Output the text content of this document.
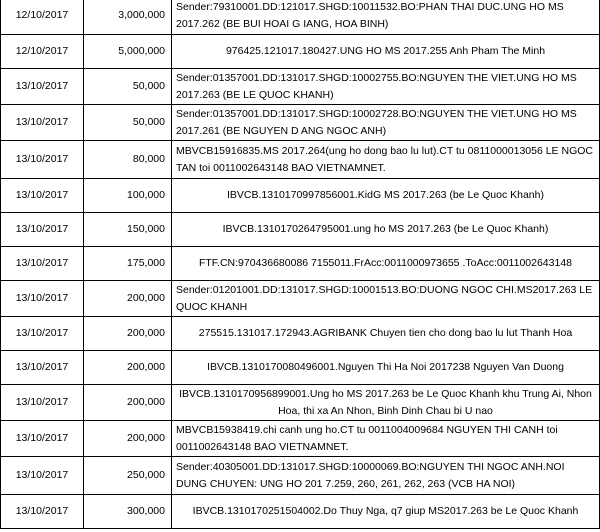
12/10/2017	3,000,000	Sender:79310001.DD:121017.SHGD:10011532.BO:PHAN THAI DUC.UNG HO MS 2017.262 (BE BUI HOAI G IANG, HOA BINH)
12/10/2017	5,000,000	976425.121017.180427.UNG HO MS 2017.255 Anh Pham The Minh
13/10/2017	50,000	Sender:01357001.DD:131017.SHGD:10002755.BO:NGUYEN THE VIET.UNG HO MS 2017.263 (BE LE QUOC KHANH)
13/10/2017	50,000	Sender:01357001.DD:131017.SHGD:10002728.BO:NGUYEN THE VIET.UNG HO MS 2017.261 (BE NGUYEN D ANG NGOC ANH)
13/10/2017	80,000	MBVCB15916835.MS 2017.264(ung ho dong bao lu lut).CT tu 0811000013056 LE NGOC TAN toi 0011002643148 BAO VIETNAMNET.
13/10/2017	100,000	IBVCB.1310170997856001.KidG MS 2017.263 (be Le Quoc Khanh)
13/10/2017	150,000	IBVCB.1310170264795001.ung ho MS 2017.263 (be Le Quoc Khanh)
13/10/2017	175,000	FTF.CN:970436680086 7155011.FrAcc:0011000973655 .ToAcc:0011002643148
13/10/2017	200,000	Sender:01201001.DD:131017.SHGD:10001513.BO:DUONG NGOC CHI.MS2017.263 LE QUOC KHANH
13/10/2017	200,000	275515.131017.172943.AGRIBANK Chuyen tien cho dong bao lu lut Thanh Hoa
13/10/2017	200,000	IBVCB.1310170080496001.Nguyen Thi Ha Noi 2017238 Nguyen Van Duong
13/10/2017	200,000	IBVCB.1310170956899001.Ung ho MS 2017.263 be Le Quoc Khanh khu Trung Ai, Nhon Hoa, thi xa An Nhon, Binh Dinh Chau bi U nao
13/10/2017	200,000	MBVCB15938419.chi canh ung ho.CT tu 0011004009684 NGUYEN THI CANH toi 0011002643148 BAO VIETNAMNET.
13/10/2017	250,000	Sender:40305001.DD:131017.SHGD:10000069.BO:NGUYEN THI NGOC ANH.NOI DUNG CHUYEN: UNG HO 201 7.259, 260, 261, 262, 263 (VCB HA NOI)
13/10/2017	300,000	IBVCB.1310170251504002.Do Thuy Nga, q7 giup MS2017.263 be Le Quoc Khanh
